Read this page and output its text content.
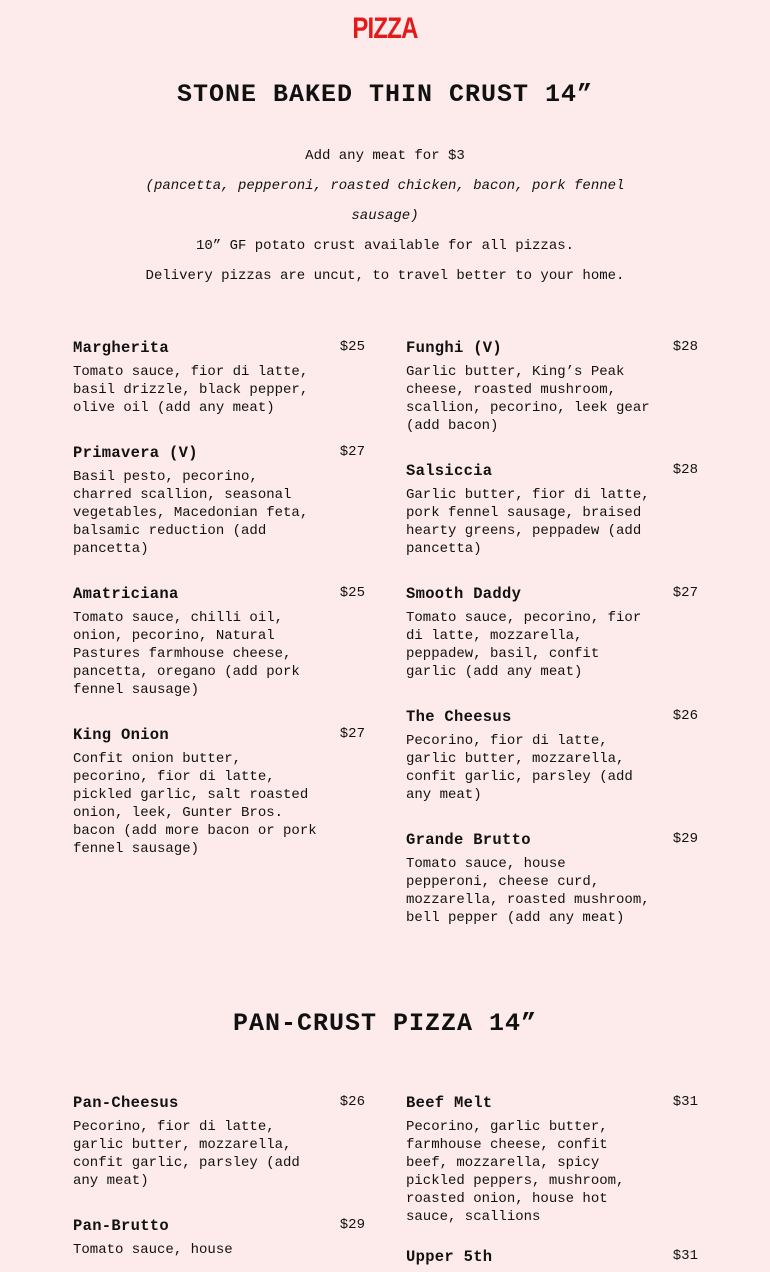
PIZZA
STONE BAKED THIN CRUST 14”
Add any meat for $3
(pancetta, pepperoni, roasted chicken, bacon, pork fennel
sausage)
10” GF potato crust available for all pizzas.
Delivery pizzas are uncut, to travel better to your home.
Margherita	$25
Tomato sauce, fior di latte, basil drizzle, black pepper, olive oil (add any meat)
Primavera (V)	$27
Basil pesto, pecorino, charred scallion, seasonal vegetables, Macedonian feta, balsamic reduction (add pancetta)
Amatriciana	$25
Tomato sauce, chilli oil, onion, pecorino, Natural Pastures farmhouse cheese, pancetta, oregano (add pork fennel sausage)
King Onion	$27
Confit onion butter, pecorino, fior di latte, pickled garlic, salt roasted onion, leek, Gunter Bros. bacon (add more bacon or pork fennel sausage)
Funghi (V)	$28
Garlic butter, King’s Peak cheese, roasted mushroom, scallion, pecorino, leek gear (add bacon)
Salsiccia	$28
Garlic butter, fior di latte, pork fennel sausage, braised hearty greens, peppadew (add pancetta)
Smooth Daddy	$27
Tomato sauce, pecorino, fior di latte, mozzarella, peppadew, basil, confit garlic (add any meat)
The Cheesus	$26
Pecorino, fior di latte, garlic butter, mozzarella, confit garlic, parsley (add any meat)
Grande Brutto	$29
Tomato sauce, house pepperoni, cheese curd, mozzarella, roasted mushroom, bell pepper (add any meat)
PAN-CRUST PIZZA 14”
Pan-Cheesus	$26
Pecorino, fior di latte, garlic butter, mozzarella, confit garlic, parsley (add any meat)
Pan-Brutto	$29
Tomato sauce, house
Beef Melt	$31
Pecorino, garlic butter, farmhouse cheese, confit beef, mozzarella, spicy pickled peppers, mushroom, roasted onion, house hot sauce, scallions
Upper 5th	$31
